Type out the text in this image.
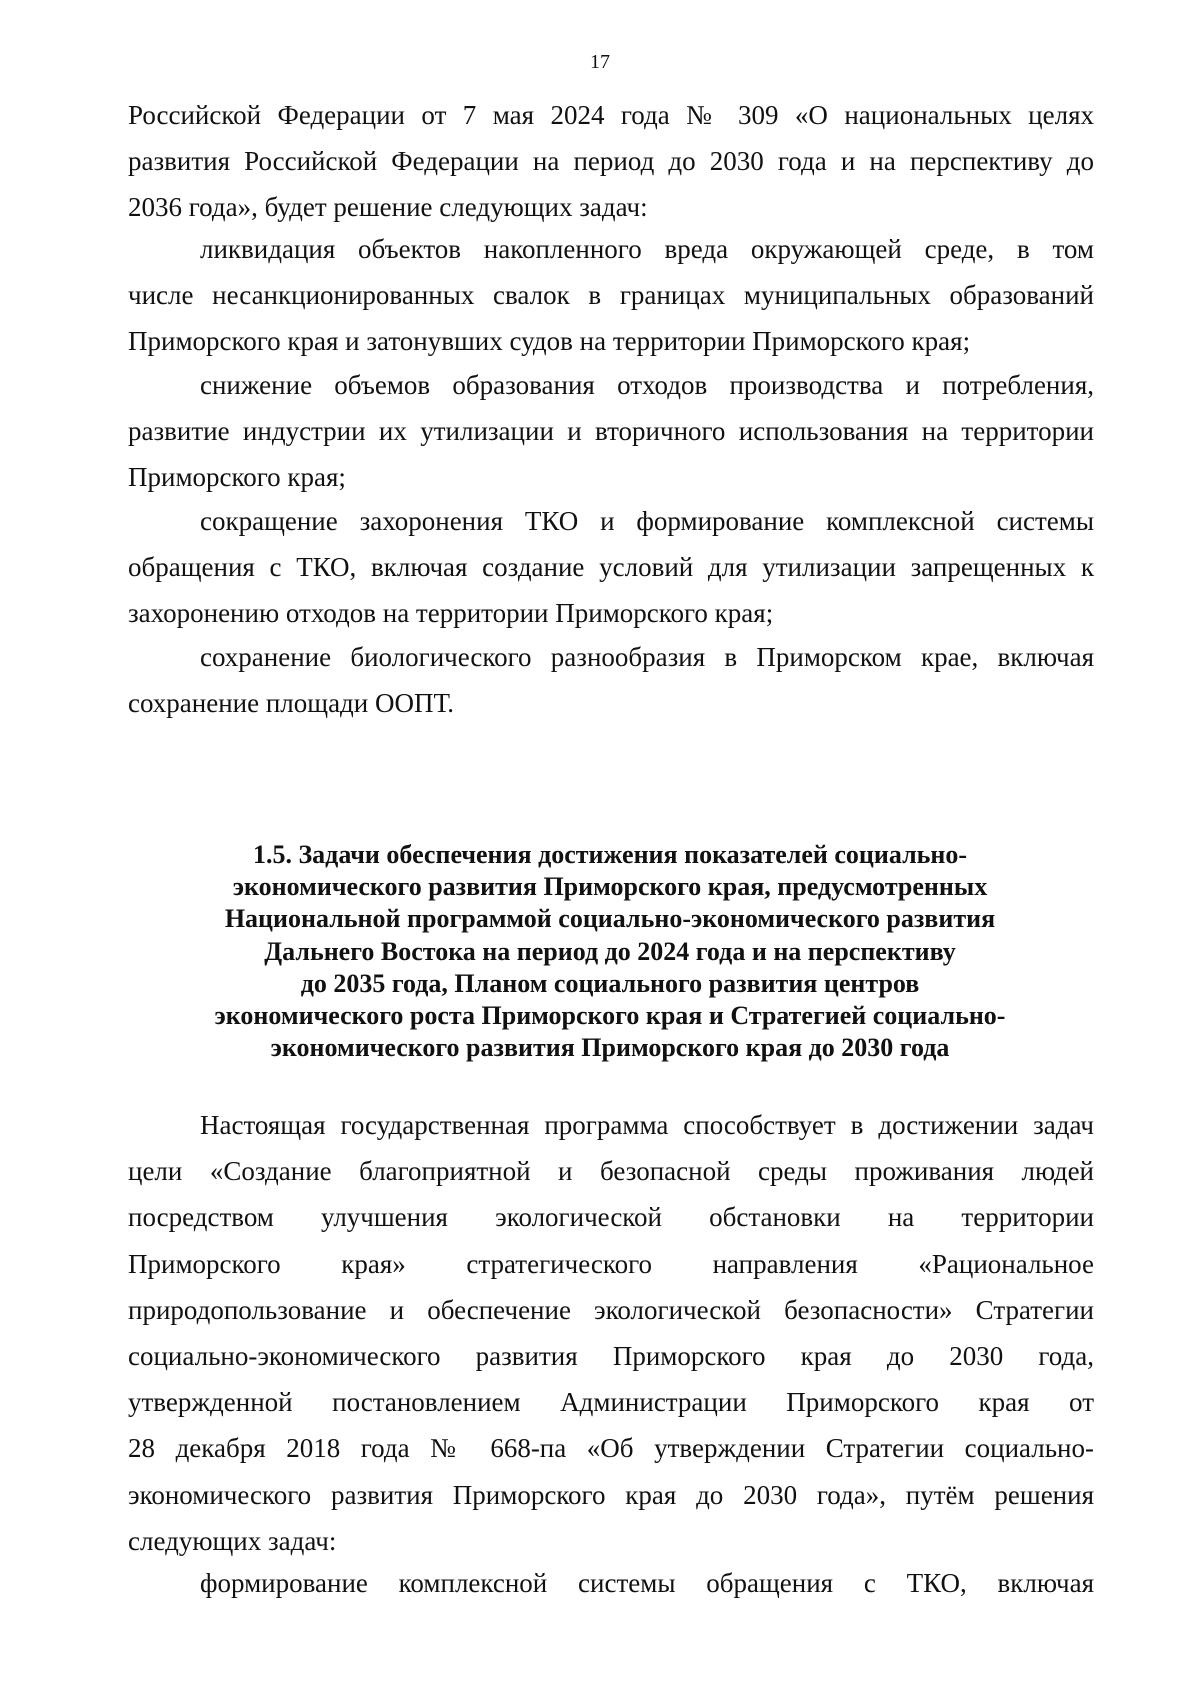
17
Российской Федерации от 7 мая 2024 года № 309 «О национальных целях
развития Российской Федерации на период до 2030 года и на перспективу до
2036 года», будет решение следующих задач:
ликвидация объектов накопленного вреда окружающей среде, в том
числе несанкционированных свалок в границах муниципальных образований
Приморского края и затонувших судов на территории Приморского края;
снижение объемов образования отходов производства и потребления,
развитие индустрии их утилизации и вторичного использования на территории
Приморского края;
сокращение захоронения ТКО и формирование комплексной системы
обращения с ТКО, включая создание условий для утилизации запрещенных к
захоронению отходов на территории Приморского края;
сохранение биологического разнообразия в Приморском крае, включая
сохранение площади ООПТ.
1.5. Задачи обеспечения достижения показателей социально-
экономического развития Приморского края, предусмотренных
Национальной программой социально-экономического развития
Дальнего Востока на период до 2024 года и на перспективу
до 2035 года, Планом социального развития центров
экономического роста Приморского края и Стратегией социально-
экономического развития Приморского края до 2030 года
Настоящая государственная программа способствует в достижении задач
цели «Создание благоприятной и безопасной среды проживания людей
посредством улучшения экологической обстановки на территории
Приморского края» стратегического направления «Рациональное
природопользование и обеспечение экологической безопасности» Стратегии
социально-экономического развития Приморского края до 2030 года,
утвержденной постановлением Администрации Приморского края от
28 декабря 2018 года № 668-па «Об утверждении Стратегии социально-
экономического развития Приморского края до 2030 года», путём решения
следующих задач:
формирование комплексной системы обращения с ТКО, включая
